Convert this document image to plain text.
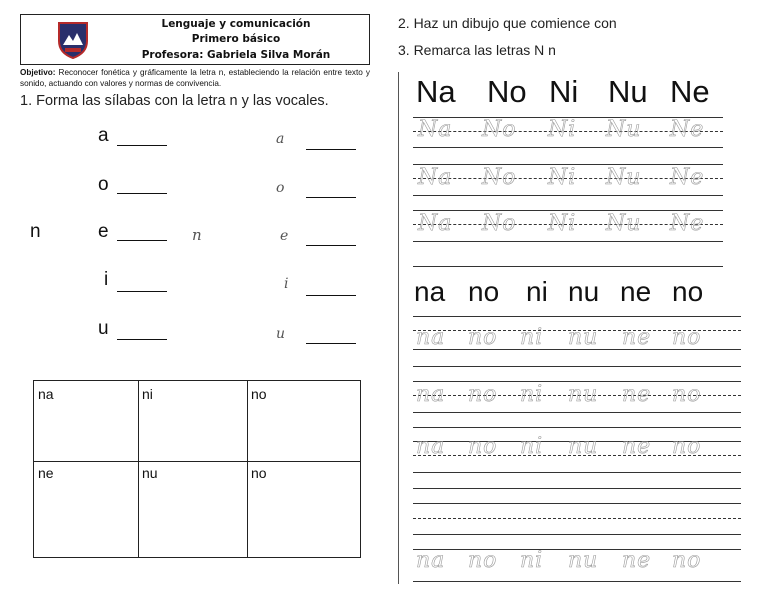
Lenguaje y comunicación
Primero básico
Profesora: Gabriela Silva Morán
Objetivo: Reconocer fonética y gráficamente la letra n, estableciendo la relación entre texto y sonido, actuando con valores y normas de convivencia.
1. Forma las sílabas con la letra n y las vocales.
n	n
a	a
o	o
e	e
i	i
u	u
na	ni	no
ne	nu	no
2. Haz un dibujo que comience con
3. Remarca las letras N n
Na No Ni Nu Ne
Na No Ni Nu Ne
Na No Ni Nu Ne
Na No Ni Nu Ne
na no ni nu ne no
na no ni nu ne no
na no ni nu ne no
na no ni nu ne no
na no ni nu ne no
